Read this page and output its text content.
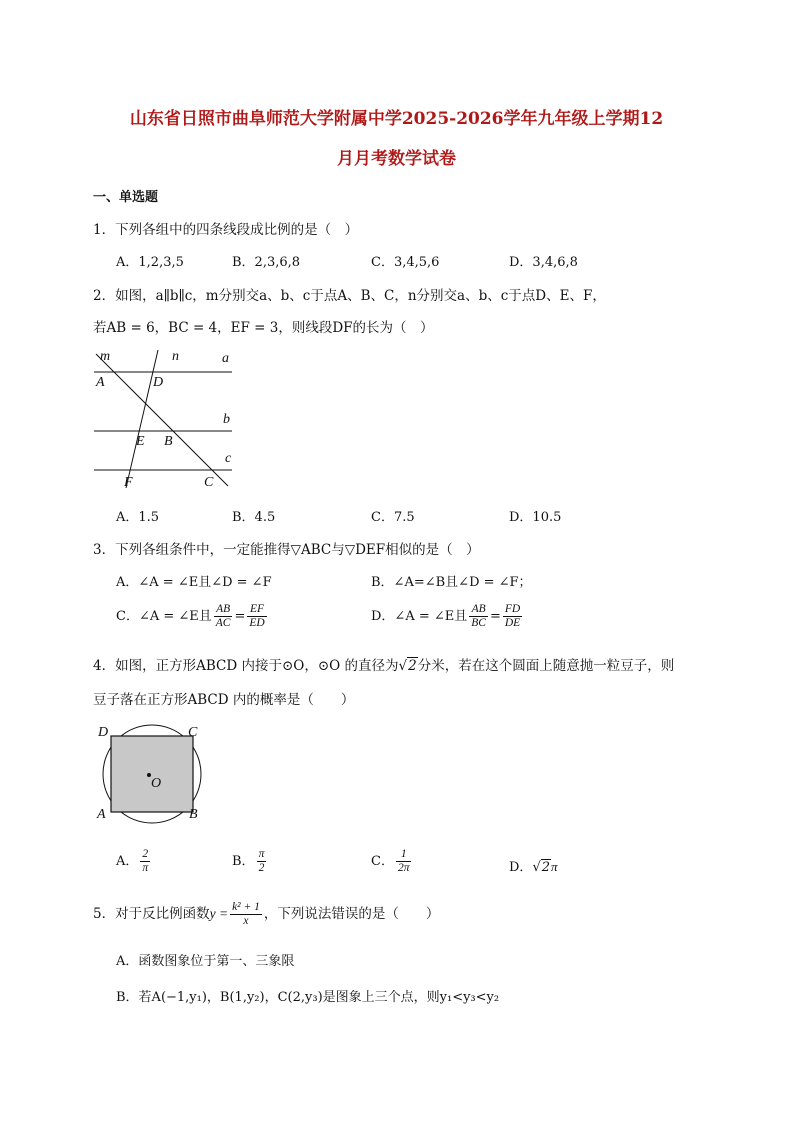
山东省日照市曲阜师范大学附属中学2025-2026学年九年级上学期12
月月考数学试卷
一、单选题
1．下列各组中的四条线段成比例的是（　）
A．1,2,3,5	B．2,3,6,8	C．3,4,5,6	D．3,4,6,8
2．如图，a∥b∥c，m分别交a、b、c于点A、B、C，n分别交a、b、c于点D、E、F，
若AB = 6，BC = 4，EF = 3，则线段DF的长为（　）
m	n	a
A	D
b
E B
c
F	C
A．1.5	B．4.5	C．7.5	D．10.5
3．下列各组条件中，一定能推得▽ABC与▽DEF相似的是（　）
A．∠A = ∠E且∠D = ∠F	B．∠A=∠B且∠D = ∠F；
C．∠A = ∠E且 $\frac{AB}{AC} = \frac{EF}{ED}$	D．∠A = ∠E且 $\frac{AB}{BC} = \frac{FD}{DE}$
4．如图，正方形ABCD 内接于⊙O，⊙O 的直径为√2分米，若在这个圆面上随意抛一粒豆子，则
豆子落在正方形ABCD 内的概率是（　　）
D	C
A	B
O
A． $\frac{2}{\pi}$	B． $\frac{\pi}{2}$	C． $\frac{1}{2\pi}$	D．√2π
5．对于反比例函数$y = \frac{\text{k² + 1}}{x}$ ，下列说法错误的是（　　）
A．函数图象位于第一、三象限
B．若A(−1,y₁)，B(1,y₂)，C(2,y₃)是图象上三个点，则y₁<y₃<y₂
